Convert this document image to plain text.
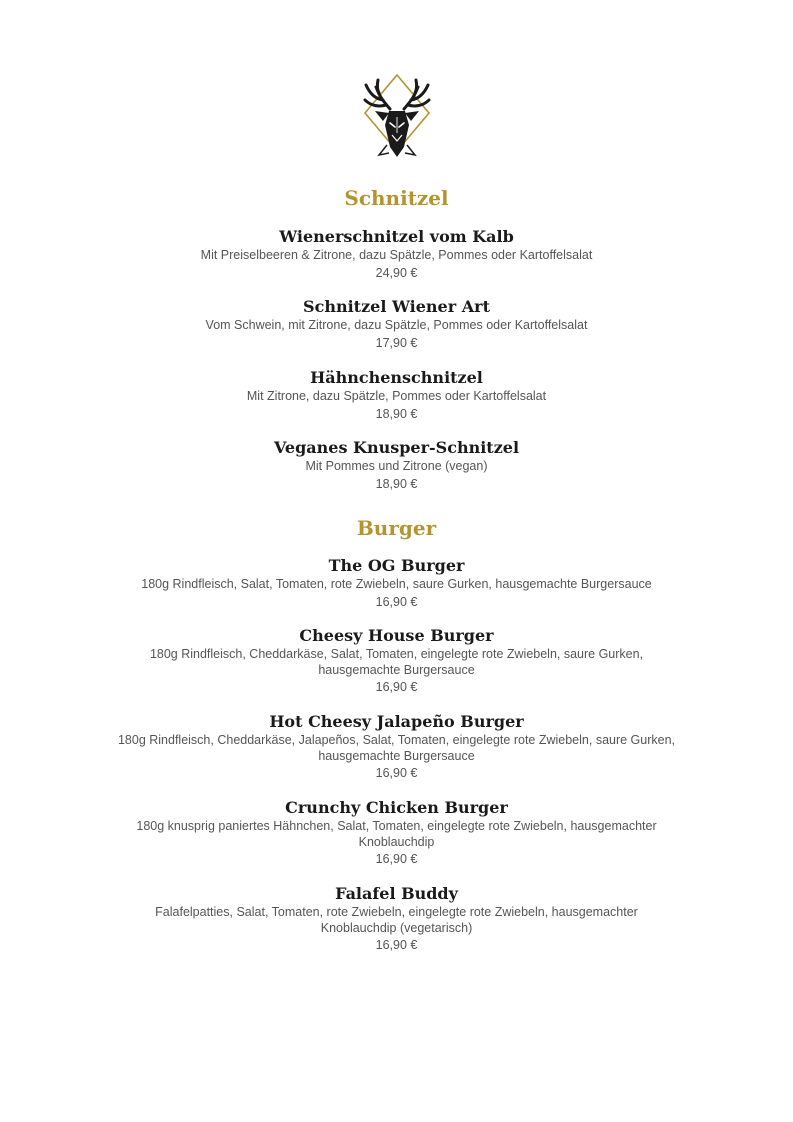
Schnitzel

Wienerschnitzel vom Kalb

Mit Preiselbeeren & Zitrone, dazu Spätzle, Pommes oder Kartoffelsalat

24,90 €

Schnitzel Wiener Art

Vom Schwein, mit Zitrone, dazu Spätzle, Pommes oder Kartoffelsalat

17,90 €

Hähnchenschnitzel

Mit Zitrone, dazu Spätzle, Pommes oder Kartoffelsalat

18,90 €

Veganes Knusper-Schnitzel

Mit Pommes und Zitrone (vegan)

18,90 €

Burger

The OG Burger

180g Rindfleisch, Salat, Tomaten, rote Zwiebeln, saure Gurken, hausgemachte Burgersauce

16,90 €

Cheesy House Burger

180g Rindfleisch, Cheddarkäse, Salat, Tomaten, eingelegte rote Zwiebeln, saure Gurken, hausgemachte Burgersauce

16,90 €

Hot Cheesy Jalapeño Burger

180g Rindfleisch, Cheddarkäse, Jalapeños, Salat, Tomaten, eingelegte rote Zwiebeln, saure Gurken, hausgemachte Burgersauce

16,90 €

Crunchy Chicken Burger

180g knusprig paniertes Hähnchen, Salat, Tomaten, eingelegte rote Zwiebeln, hausgemachter Knoblauchdip

16,90 €

Falafel Buddy

Falafelpatties, Salat, Tomaten, rote Zwiebeln, eingelegte rote Zwiebeln, hausgemachter Knoblauchdip (vegetarisch)

16,90 €
